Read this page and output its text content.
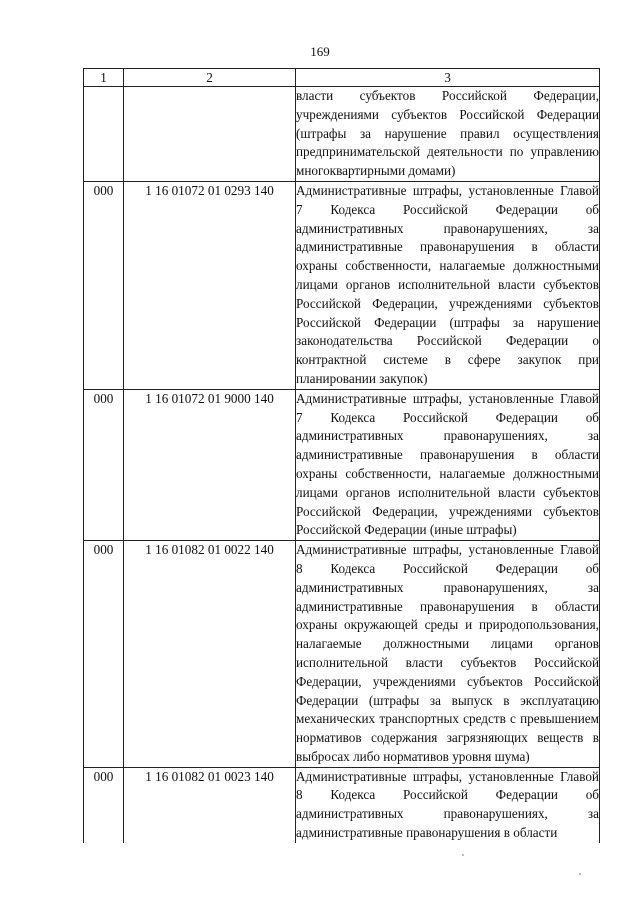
169
1	2	3

		власти субъектов Российской Федерации, учреждениями субъектов Российской Федерации (штрафы за нарушение правил осуществления предпринимательской деятельности по управлению многоквартирными домами)

000	1 16 01072 01 0293 140	Административные штрафы, установленные Главой 7 Кодекса Российской Федерации об административных правонарушениях, за административные правонарушения в области охраны собственности, налагаемые должностными лицами органов исполнительной власти субъектов Российской Федерации, учреждениями субъектов Российской Федерации (штрафы за нарушение законодательства Российской Федерации о контрактной системе в сфере закупок при планировании закупок)

000	1 16 01072 01 9000 140	Административные штрафы, установленные Главой 7 Кодекса Российской Федерации об административных правонарушениях, за административные правонарушения в области охраны собственности, налагаемые должностными лицами органов исполнительной власти субъектов Российской Федерации, учреждениями субъектов Российской Федерации (иные штрафы)

000	1 16 01082 01 0022 140	Административные штрафы, установленные Главой 8 Кодекса Российской Федерации об административных правонарушениях, за административные правонарушения в области охраны окружающей среды и природопользования, налагаемые должностными лицами органов исполнительной власти субъектов Российской Федерации, учреждениями субъектов Российской Федерации (штрафы за выпуск в эксплуатацию механических транспортных средств с превышением нормативов содержания загрязняющих веществ в выбросах либо нормативов уровня шума)

000	1 16 01082 01 0023 140	Административные штрафы, установленные Главой 8 Кодекса Российской Федерации об административных правонарушениях, за административные правонарушения в области
